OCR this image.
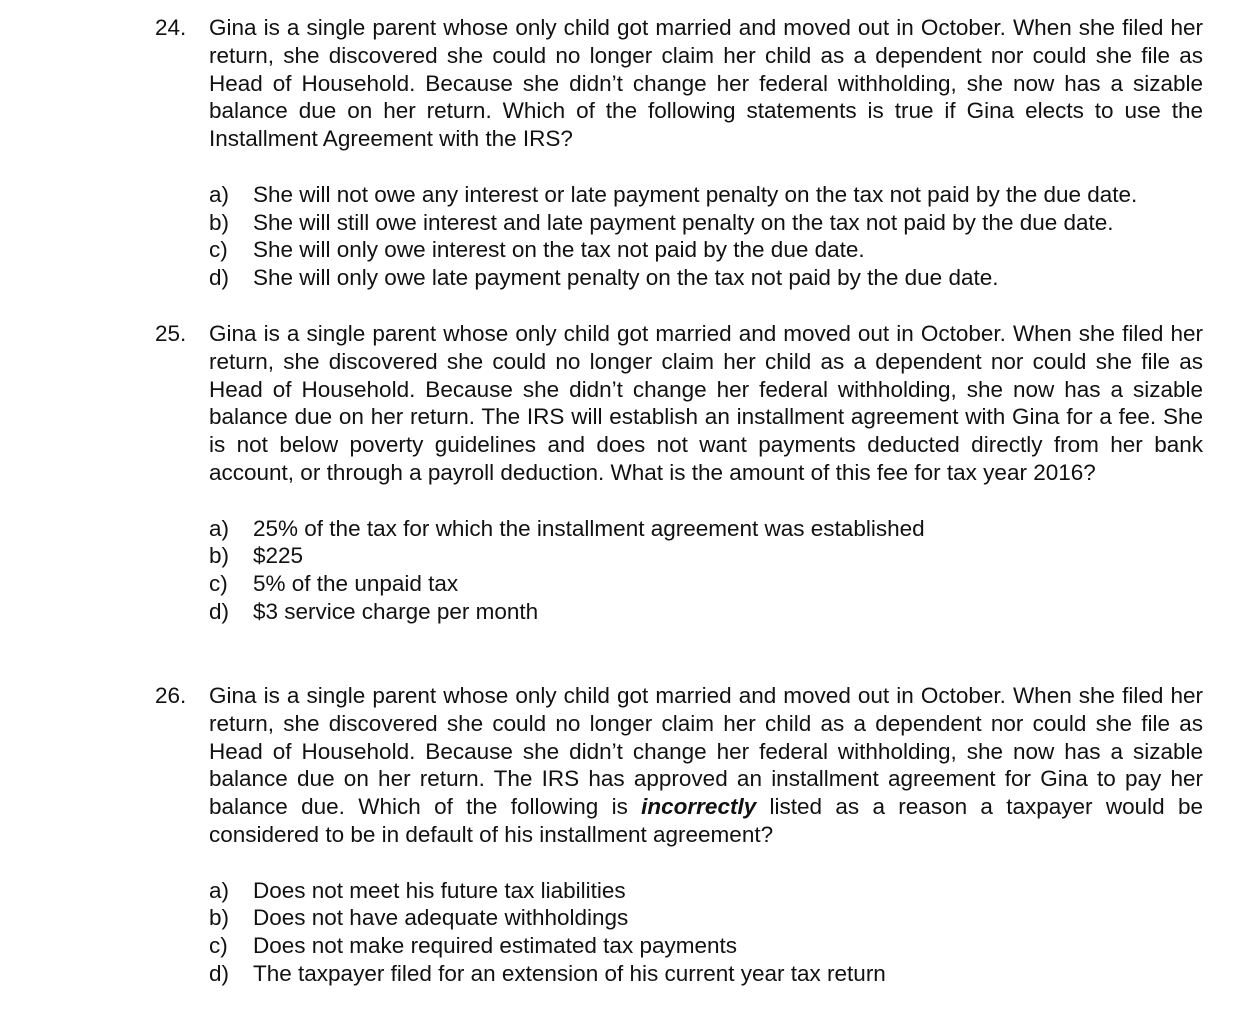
24.	Gina is a single parent whose only child got married and moved out in October. When she filed her return, she discovered she could no longer claim her child as a dependent nor could she file as Head of Household. Because she didn’t change her federal withholding, she now has a sizable balance due on her return. Which of the following statements is true if Gina elects to use the Installment Agreement with the IRS?
a) She will not owe any interest or late payment penalty on the tax not paid by the due date.
b) She will still owe interest and late payment penalty on the tax not paid by the due date.
c) She will only owe interest on the tax not paid by the due date.
d) She will only owe late payment penalty on the tax not paid by the due date.
25.	Gina is a single parent whose only child got married and moved out in October. When she filed her return, she discovered she could no longer claim her child as a dependent nor could she file as Head of Household. Because she didn’t change her federal withholding, she now has a sizable balance due on her return. The IRS will establish an installment agreement with Gina for a fee. She is not below poverty guidelines and does not want payments deducted directly from her bank account, or through a payroll deduction. What is the amount of this fee for tax year 2016?
a) 25% of the tax for which the installment agreement was established
b) $225
c) 5% of the unpaid tax
d) $3 service charge per month
26.	Gina is a single parent whose only child got married and moved out in October. When she filed her return, she discovered she could no longer claim her child as a dependent nor could she file as Head of Household. Because she didn’t change her federal withholding, she now has a sizable balance due on her return. The IRS has approved an installment agreement for Gina to pay her balance due. Which of the following is incorrectly listed as a reason a taxpayer would be considered to be in default of his installment agreement?
a) Does not meet his future tax liabilities
b) Does not have adequate withholdings
c) Does not make required estimated tax payments
d) The taxpayer filed for an extension of his current year tax return
